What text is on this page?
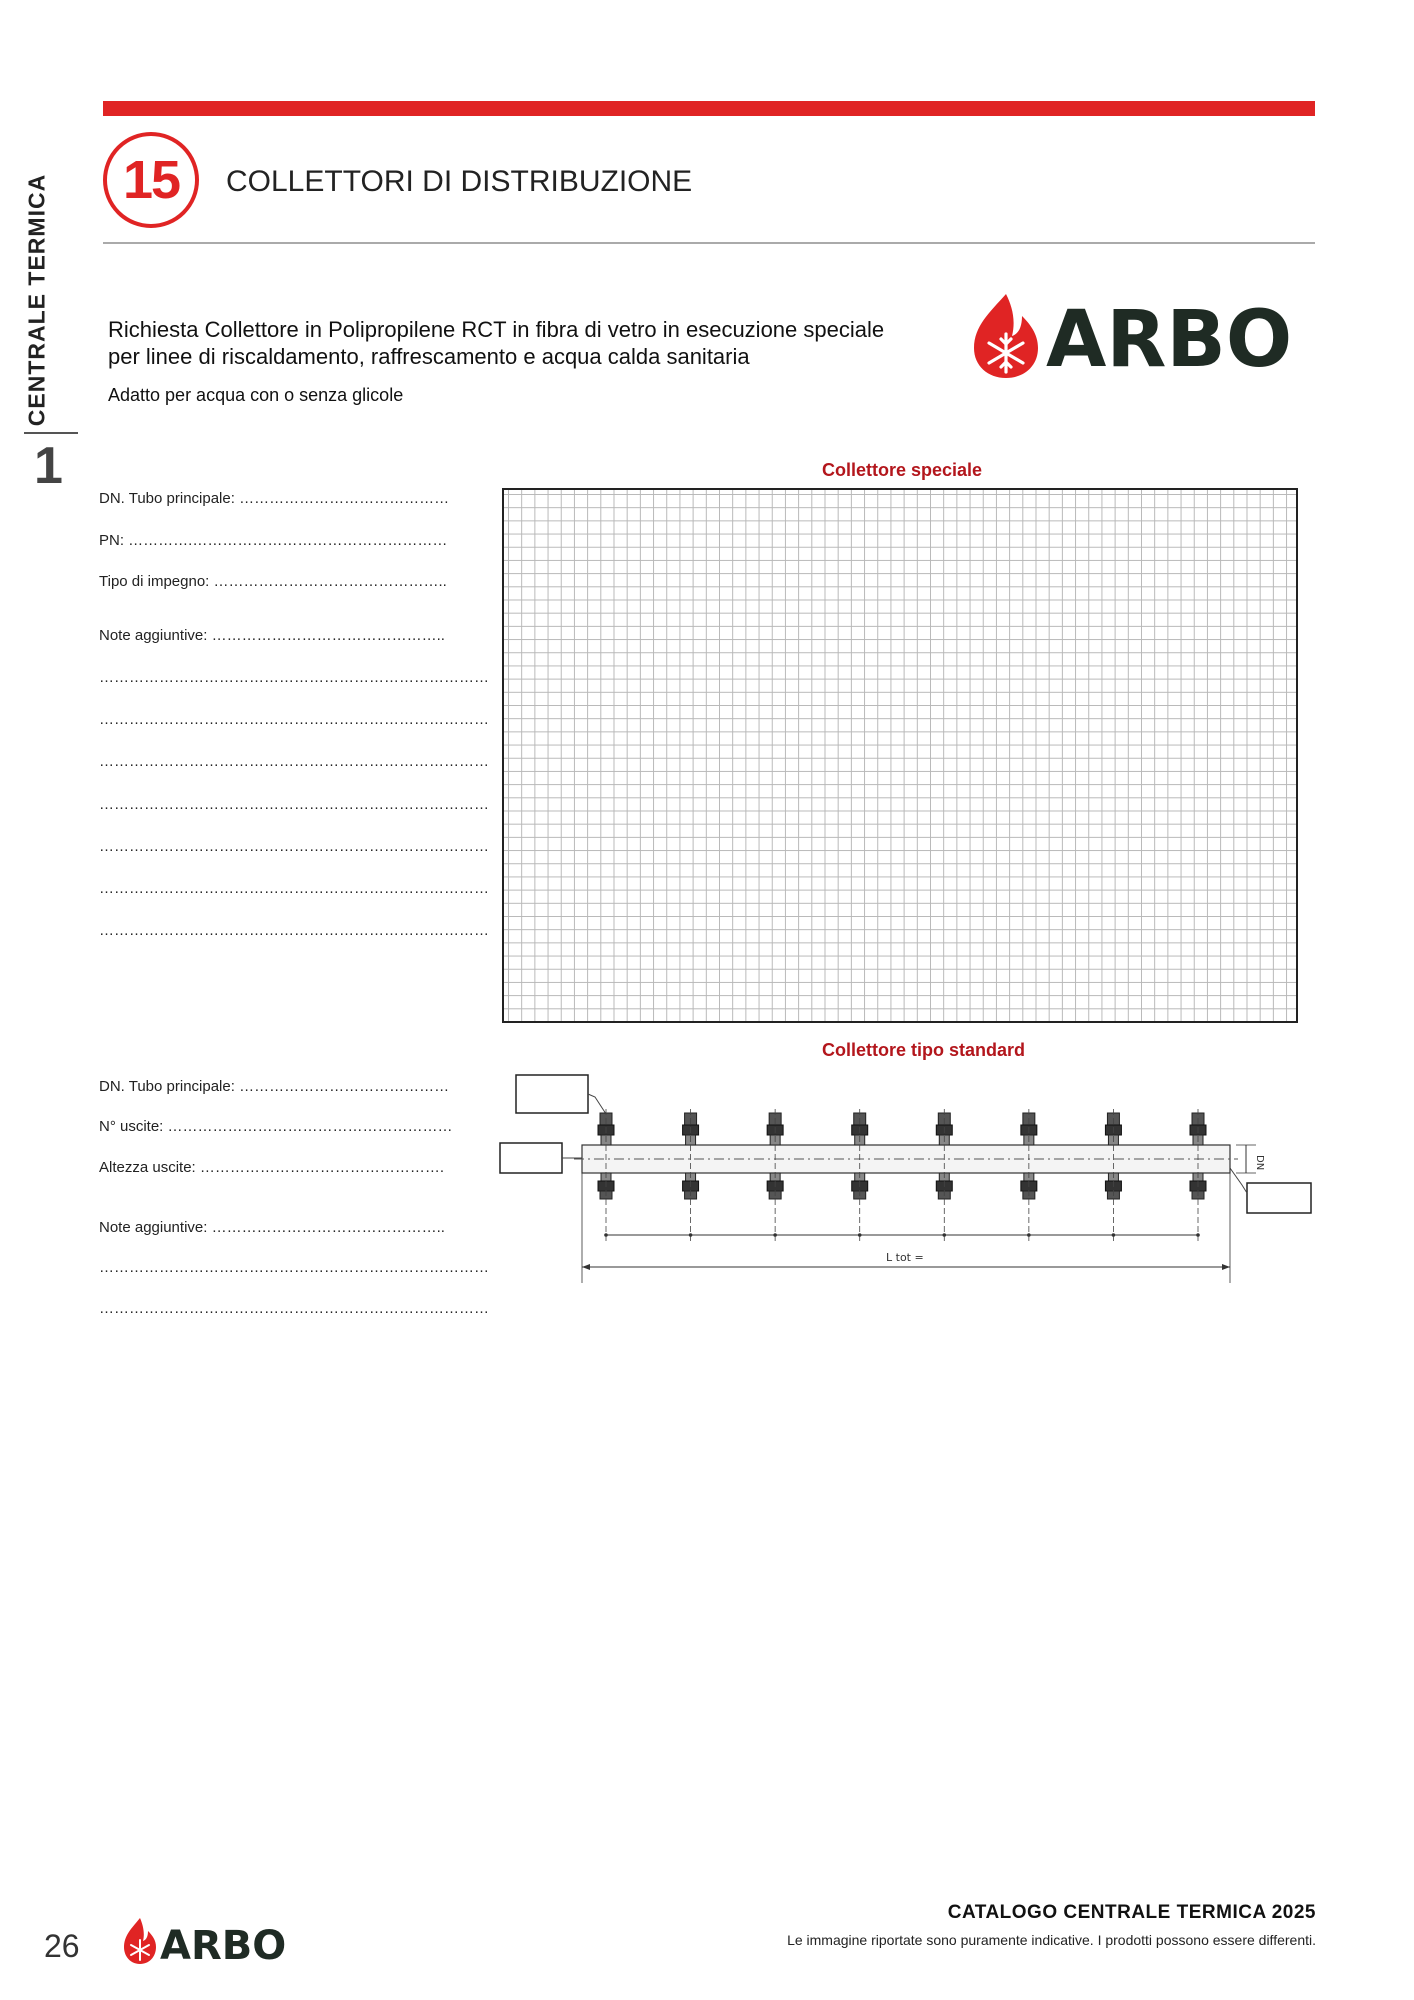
CENTRALE TERMICA
1
15	COLLETTORI DI DISTRIBUZIONE
Richiesta Collettore in Polipropilene RCT in fibra di vetro in esecuzione speciale
per linee di riscaldamento, raffrescamento e acqua calda sanitaria
Adatto per acqua con o senza glicole
ARBO
Collettore speciale
DN. Tubo principale: ……………………………………
PN: ………….……………………………………………
Tipo di impegno: ………………………………………..
Note aggiuntive: ………………………………………..
……………………………………………………………………
……………………………………………………………………
……………………………………………………………………
……………………………………………………………………
……………………………………………………………………
……………………………………………………………………
……………………………………………………………………
Collettore tipo standard
DN. Tubo principale: ……………………………………
N° uscite: …………………………………………………
Altezza uscite: ………………………………………….
Note aggiuntive: ………………………………………..
……………………………………………………………………
……………………………………………………………………
DN
L tot =
26 ARBO
CATALOGO CENTRALE TERMICA 2025
Le immagine riportate sono puramente indicative. I prodotti possono essere differenti.
